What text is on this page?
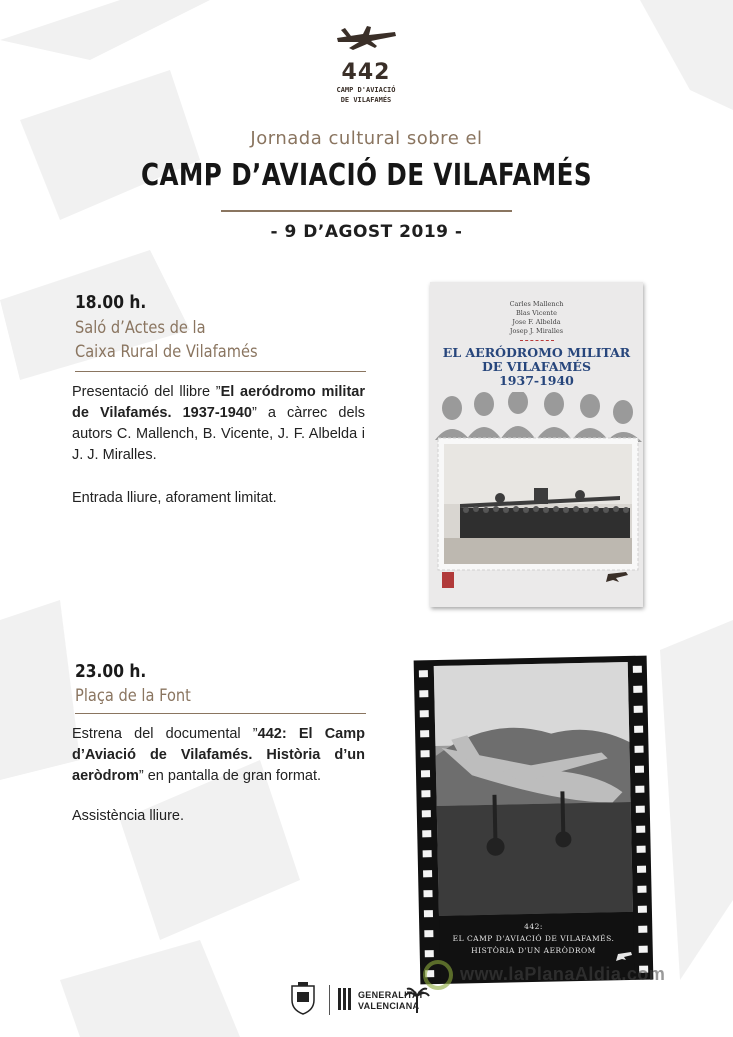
442
CAMP D'AVIACIÓ
DE VILAFAMÉS
Jornada cultural sobre el
CAMP D’AVIACIÓ DE VILAFAMÉS
- 9 D’AGOST 2019 -
18.00 h.
Saló d’Actes de la
Caixa Rural de Vilafamés
Presentació del llibre ”El aeródromo militar de Vilafamés. 1937-1940” a càrrec dels autors C. Mallench, B. Vicente, J. F. Albelda i J. J. Miralles.
Entrada lliure, aforament limitat.
Carles Mallench
Blas Vicente
Jose F. Albelda
Josep J. Miralles
EL AERÓDROMO MILITAR
DE VILAFAMÉS
1937-1940
23.00 h.
Plaça de la Font
Estrena del documental ”442: El Camp d’Aviació de Vilafamés. Història d’un aeròdrom” en pantalla de gran format.
Assistència lliure.
442:
EL CAMP D'AVIACIÓ DE VILAFAMÉS.
HISTÒRIA D'UN AERÒDROM
GENERALITAT
VALENCIANA
www.laPlanaAldia.com
